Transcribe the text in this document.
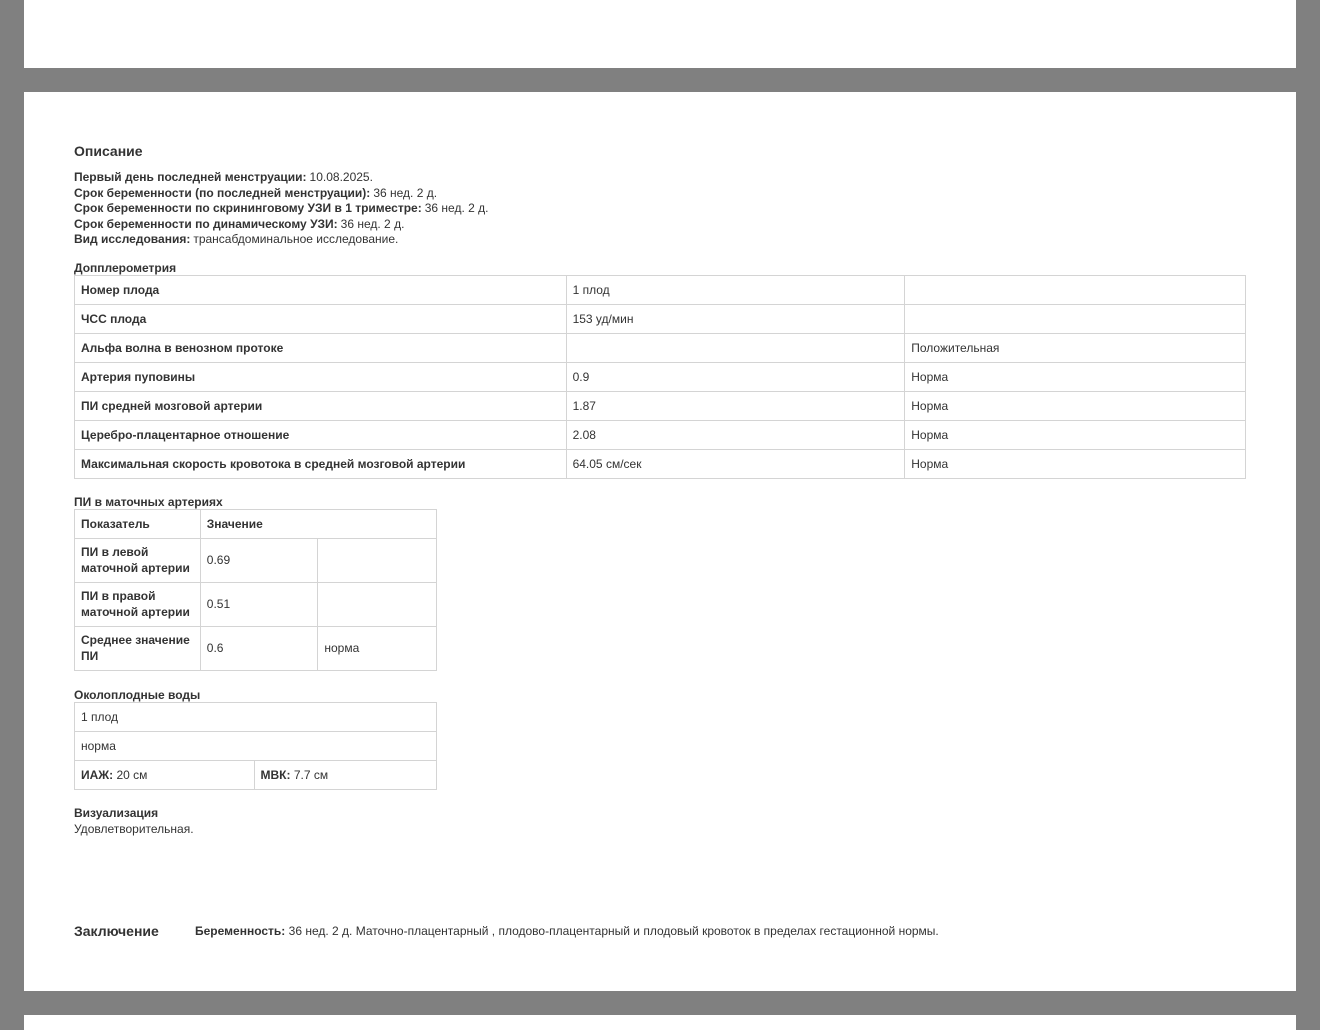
Описание
Первый день последней менструации: 10.08.2025.
Срок беременности (по последней менструации): 36 нед. 2 д.
Срок беременности по скрининговому УЗИ в 1 триместре: 36 нед. 2 д.
Срок беременности по динамическому УЗИ: 36 нед. 2 д.
Вид исследования: трансабдоминальное исследование.
Допплерометрия
Номер плода	1 плод	
ЧСС плода	153 уд/мин	
Альфа волна в венозном протоке		Положительная
Артерия пуповины	0.9	Норма
ПИ средней мозговой артерии	1.87	Норма
Церебро-плацентарное отношение	2.08	Норма
Максимальная скорость кровотока в средней мозговой артерии	64.05 см/сек	Норма
ПИ в маточных артериях
Показатель	Значение	
ПИ в левой маточной артерии	0.69	
ПИ в правой маточной артерии	0.51	
Среднее значение ПИ	0.6	норма
Околоплодные воды
1 плод
норма
ИАЖ: 20 см	МВК: 7.7 см
Визуализация
Удовлетворительная.
Заключение	Беременность: 36 нед. 2 д. Маточно-плацентарный , плодово-плацентарный и плодовый кровоток в пределах гестационной нормы.
